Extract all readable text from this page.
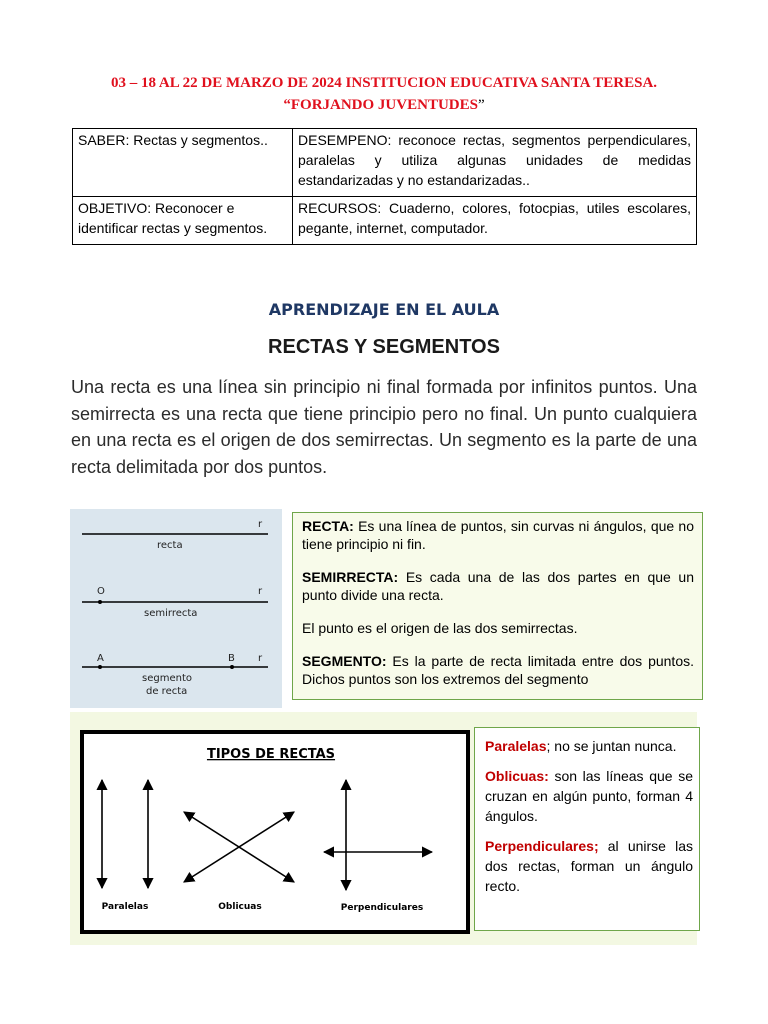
03 – 18 AL 22 DE MARZO DE 2024 INSTITUCION EDUCATIVA SANTA TERESA.
“FORJANDO JUVENTUDES”
SABER: Rectas y segmentos..	DESEMPENO: reconoce rectas, segmentos perpendiculares, paralelas y utiliza algunas unidades de medidas estandarizadas y no estandarizadas..
OBJETIVO: Reconocer e identificar rectas y segmentos.	RECURSOS: Cuaderno, colores, fotocpias, utiles escolares, pegante, internet, computador.
APRENDIZAJE EN EL AULA
RECTAS Y SEGMENTOS
Una recta es una línea sin principio ni final formada por infinitos puntos. Una semirrecta es una recta que tiene principio pero no final. Un punto cualquiera en una recta es el origen de dos semirrectas. Un segmento es la parte de una recta delimitada por dos puntos.
r
recta
O	r
semirrecta
A	B r
segmento
de recta

RECTA: Es una línea de puntos, sin curvas ni ángulos, que no tiene principio ni fin.

SEMIRRECTA: Es cada una de las dos partes en que un punto divide una recta.

El punto es el origen de las dos semirrectas.

SEGMENTO: Es la parte de recta limitada entre dos puntos. Dichos puntos son los extremos del segmento

TIPOS DE RECTAS
Paralelas	Oblicuas	Perpendiculares

Paralelas; no se juntan nunca.

Oblicuas: son las líneas que se cruzan en algún punto, forman 4 ángulos.

Perpendiculares; al unirse las dos rectas, forman un ángulo recto.
